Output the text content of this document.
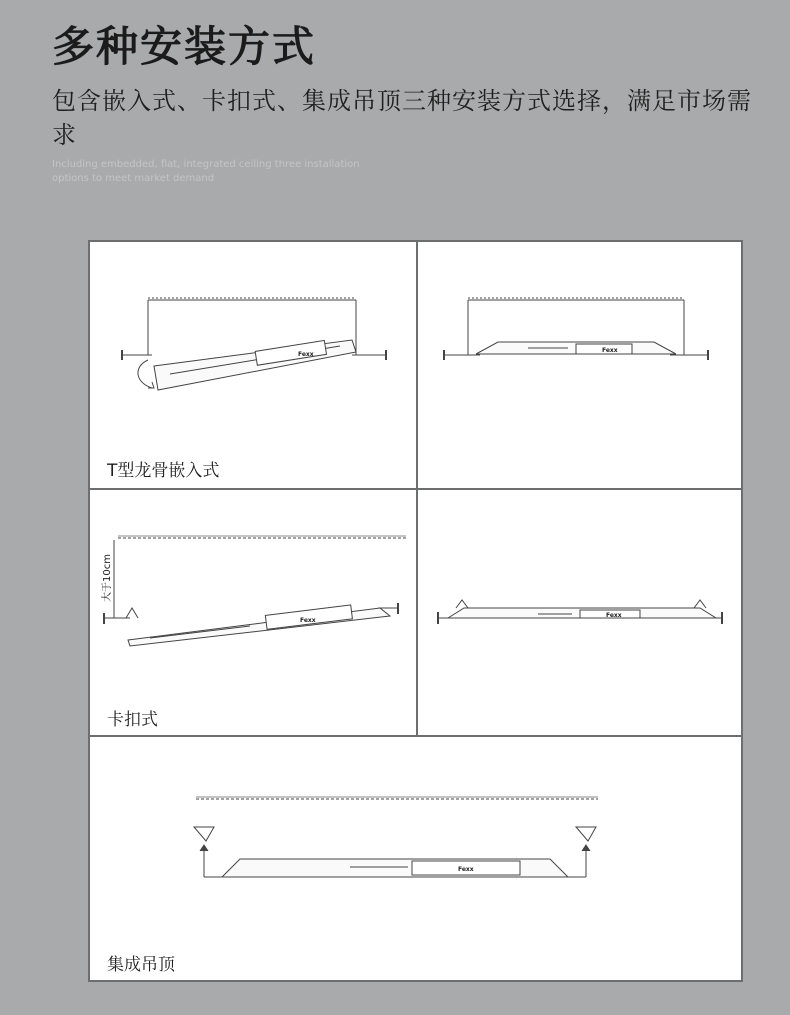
多种安装方式
包含嵌入式、卡扣式、集成吊顶三种安装方式选择，满足市场需求
Including embedded, flat, integrated ceiling three installation options to meet market demand
Fexx
T型龙骨嵌入式
Fexx
大于10cm
Fexx
卡扣式
Fexx
Fexx
集成吊顶
